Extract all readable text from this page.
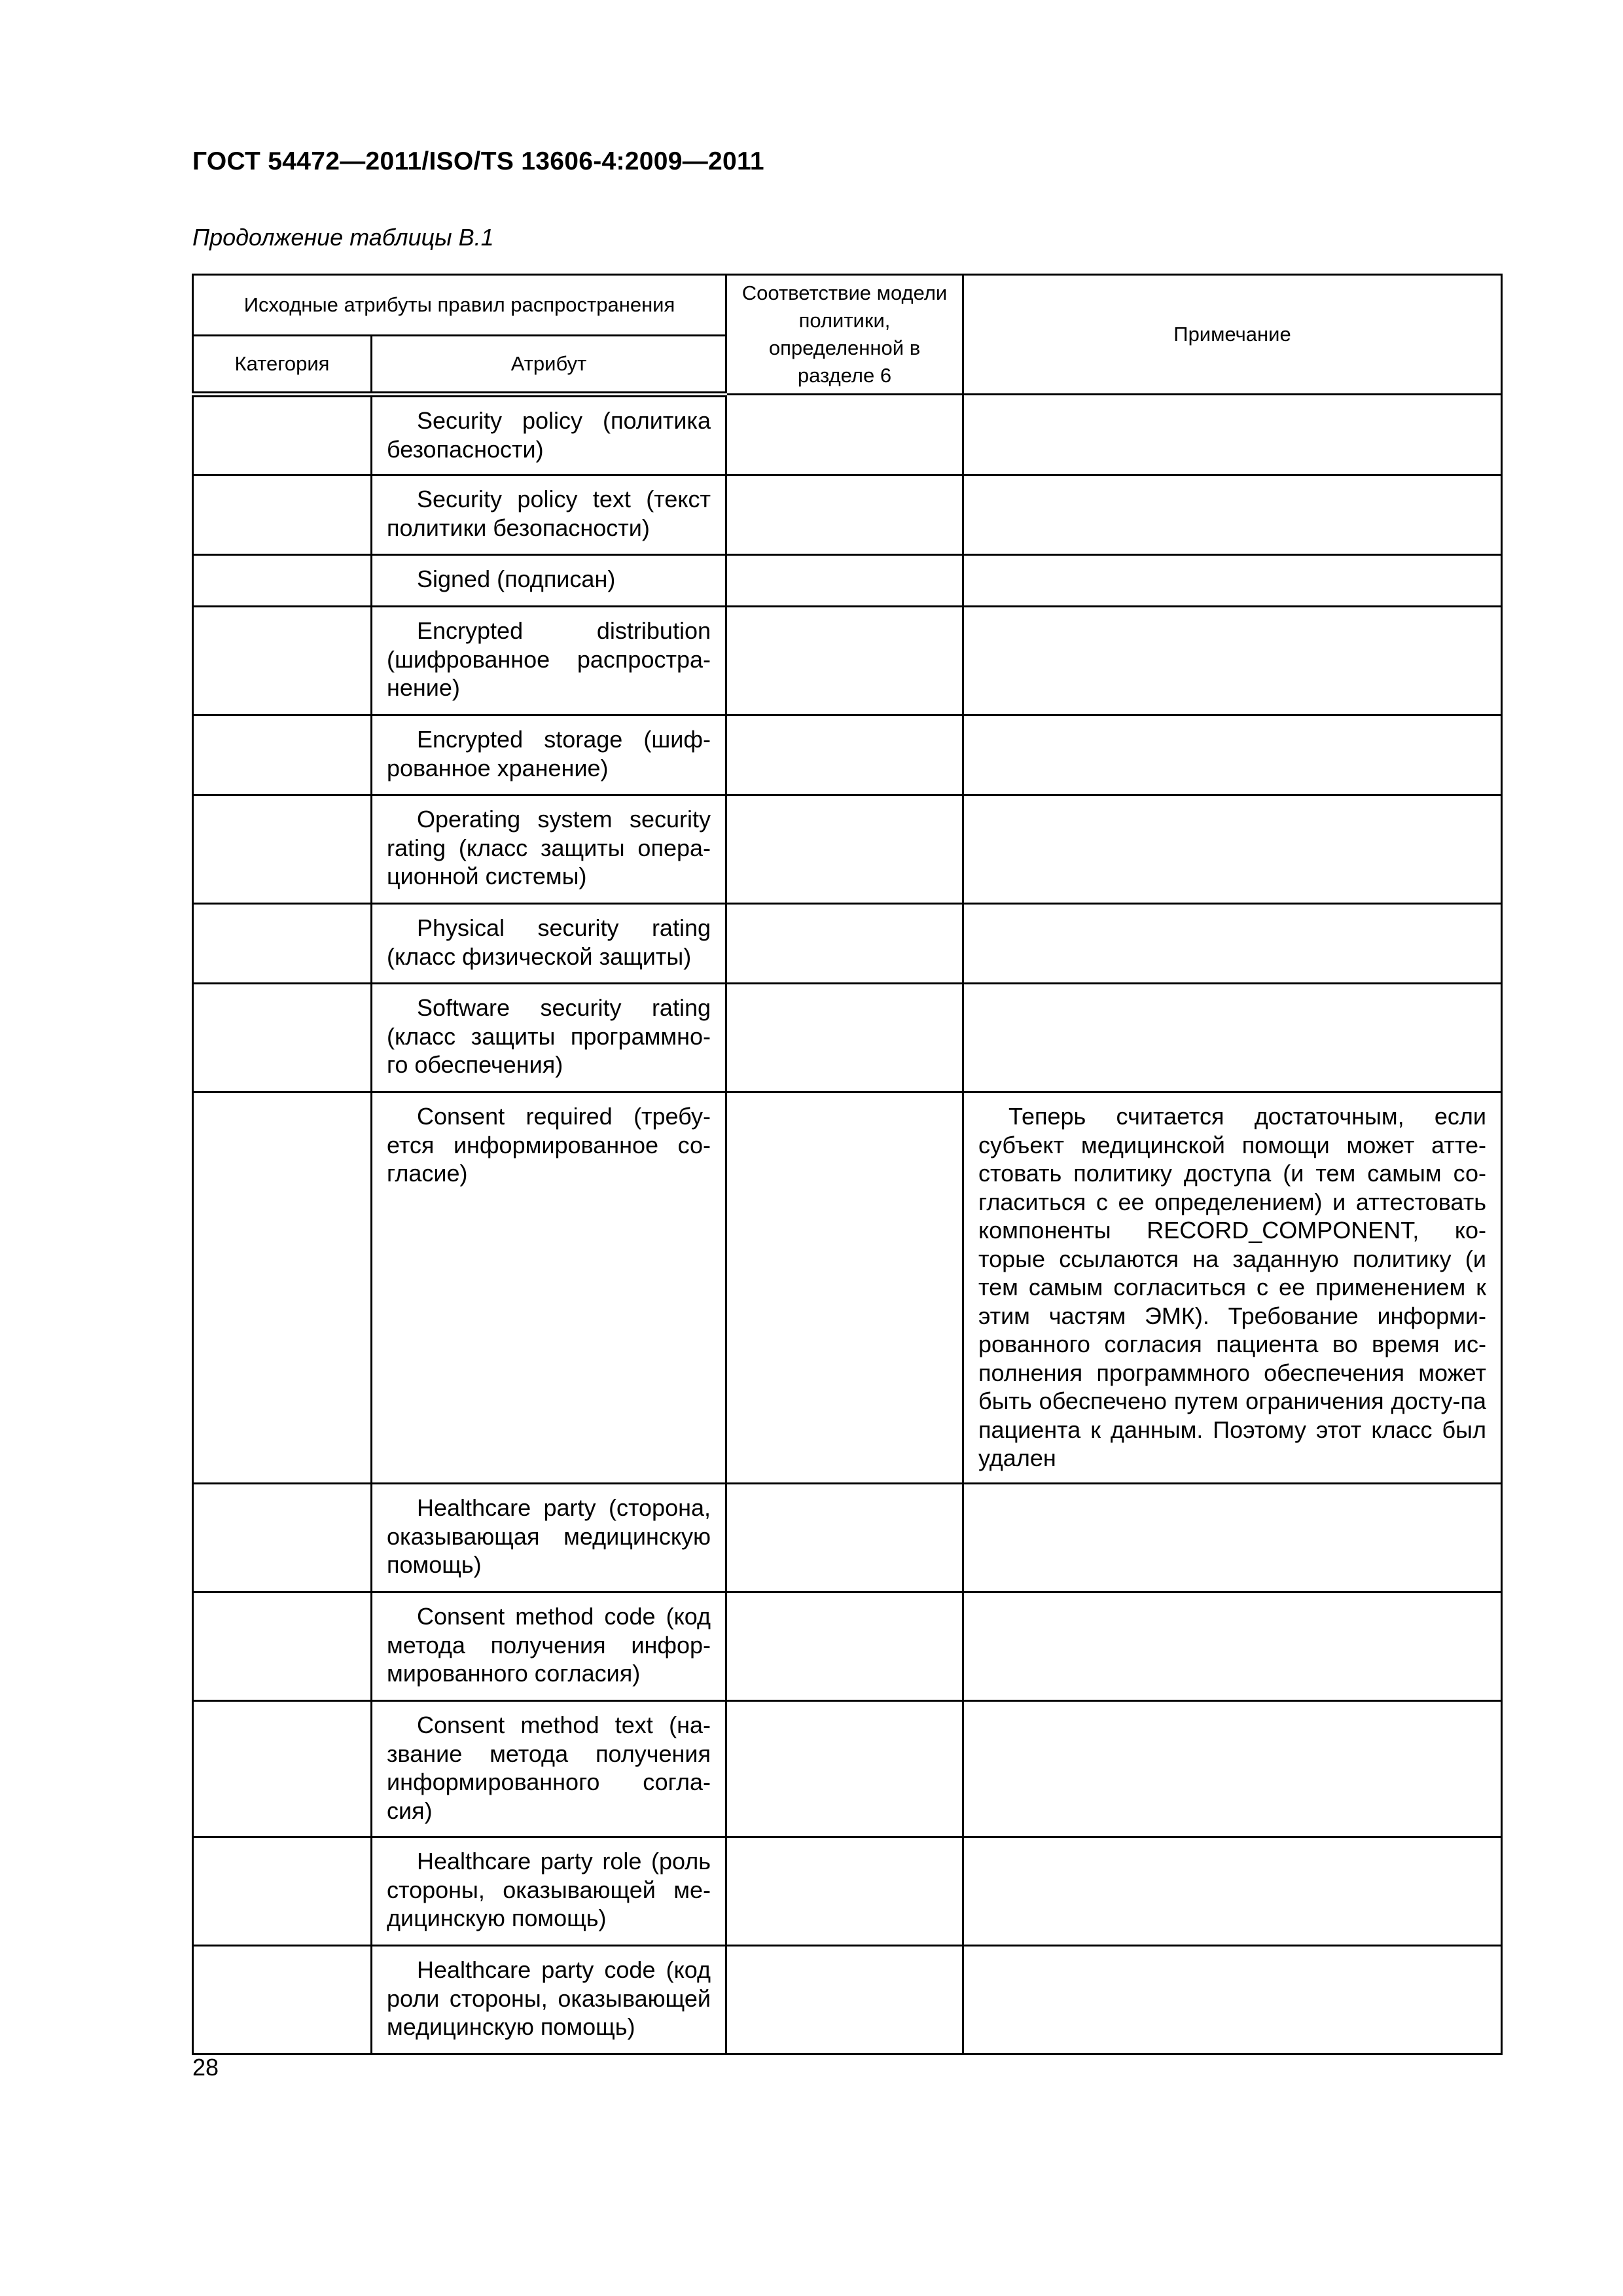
ГОСТ 54472—2011/ISO/TS 13606-4:2009—2011
Продолжение таблицы В.1
Исходные атрибуты правил распространения		Соответствие модели политики, определенной в разделе 6	Примечание
Категория	Атрибут		

	Security policy (политика безопасности)		

	Security policy text (текст политики безопасности)		

	Signed (подписан)		

	Encrypted distribution (шифрованное распростра-нение)		

	Encrypted storage (шиф-рованное хранение)		

	Operating system security rating (класс защиты опера-ционной системы)		

	Physical security rating (класс физической защиты)		

	Software security rating (класс защиты программно-го обеспечения)		

	Consent required (требу-ется информированное со-гласие)		Теперь считается достаточным, если субъект медицинской помощи может атте-стовать политику доступа (и тем самым со-гласиться с ее определением) и аттестовать компоненты RECORD_COMPONENT, ко-торые ссылаются на заданную политику (и тем самым согласиться с ее применением к этим частям ЭМК). Требование информи-рованного согласия пациента во время ис-полнения программного обеспечения может быть обеспечено путем ограничения досту-па пациента к данным. Поэтому этот класс был удален

	Healthcare party (сторона, оказывающая медицинскую помощь)		

	Consent method code (код метода получения инфор-мированного согласия)		

	Consent method text (на-звание метода получения информированного согла-сия)		

	Healthcare party role (роль стороны, оказывающей ме-дицинскую помощь)		

	Healthcare party code (код роли стороны, оказывающей медицинскую помощь)		

28
